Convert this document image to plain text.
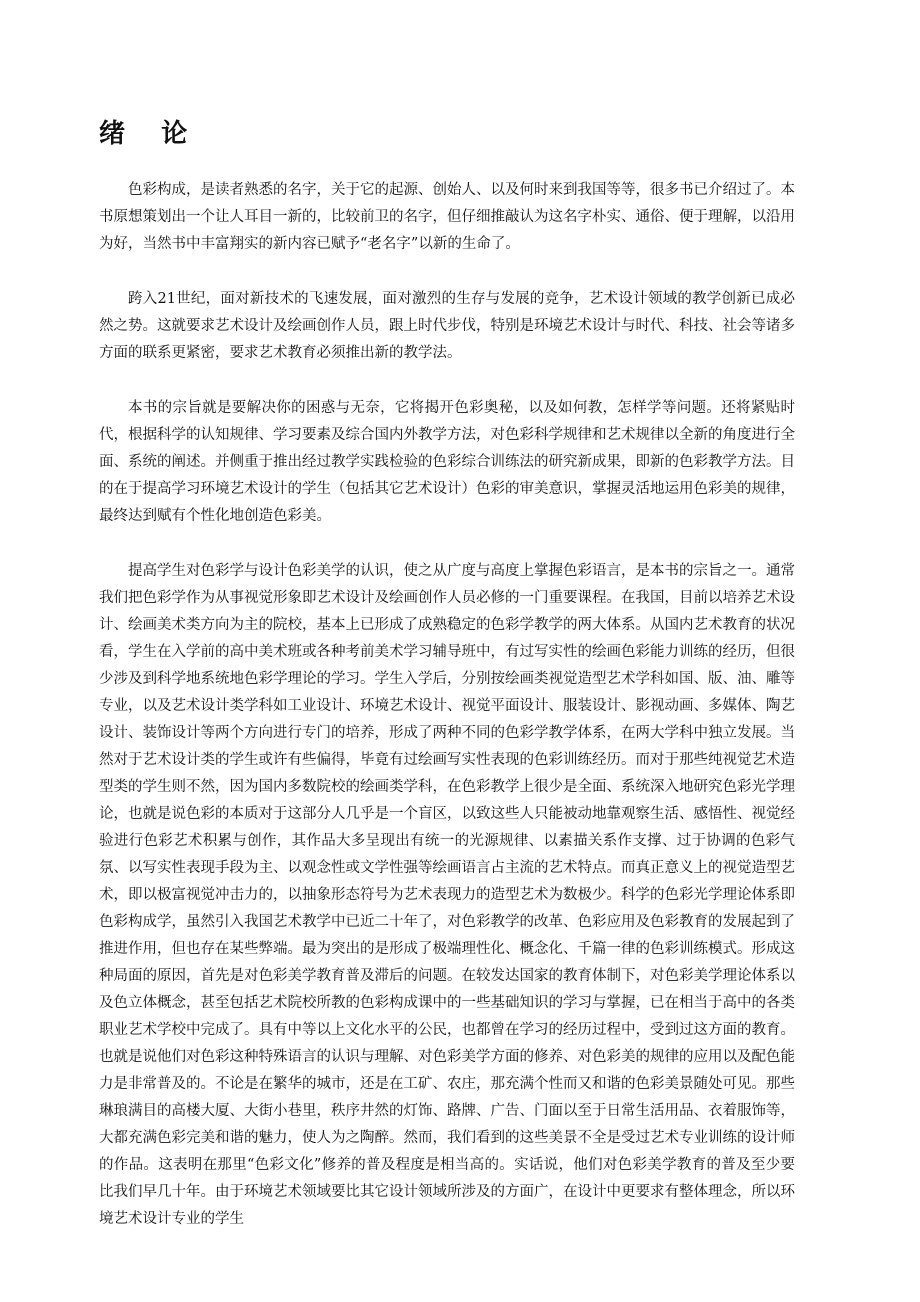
绪    论

色彩构成，是读者熟悉的名字，关于它的起源、创始人、以及何时来到我国等等，很多书已介绍过了。本书原想策划出一个让人耳目一新的，比较前卫的名字，但仔细推敲认为这名字朴实、通俗、便于理解，以沿用为好，当然书中丰富翔实的新内容已赋予“老名字”以新的生命了。

跨入21世纪，面对新技术的飞速发展，面对激烈的生存与发展的竞争，艺术设计领域的教学创新已成必然之势。这就要求艺术设计及绘画创作人员，跟上时代步伐，特别是环境艺术设计与时代、科技、社会等诸多方面的联系更紧密，要求艺术教育必须推出新的教学法。

本书的宗旨就是要解决你的困惑与无奈，它将揭开色彩奥秘，以及如何教，怎样学等问题。还将紧贴时代，根据科学的认知规律、学习要素及综合国内外教学方法，对色彩科学规律和艺术规律以全新的角度进行全面、系统的阐述。并侧重于推出经过教学实践检验的色彩综合训练法的研究新成果，即新的色彩教学方法。目的在于提高学习环境艺术设计的学生（包括其它艺术设计）色彩的审美意识，掌握灵活地运用色彩美的规律，最终达到赋有个性化地创造色彩美。

提高学生对色彩学与设计色彩美学的认识，使之从广度与高度上掌握色彩语言，是本书的宗旨之一。通常我们把色彩学作为从事视觉形象即艺术设计及绘画创作人员必修的一门重要课程。在我国，目前以培养艺术设计、绘画美术类方向为主的院校，基本上已形成了成熟稳定的色彩学教学的两大体系。从国内艺术教育的状况看，学生在入学前的高中美术班或各种考前美术学习辅导班中，有过写实性的绘画色彩能力训练的经历，但很少涉及到科学地系统地色彩学理论的学习。学生入学后，分别按绘画类视觉造型艺术学科如国、版、油、雕等专业，以及艺术设计类学科如工业设计、环境艺术设计、视觉平面设计、服装设计、影视动画、多媒体、陶艺设计、装饰设计等两个方向进行专门的培养，形成了两种不同的色彩学教学体系，在两大学科中独立发展。当然对于艺术设计类的学生或许有些偏得，毕竟有过绘画写实性表现的色彩训练经历。而对于那些纯视觉艺术造型类的学生则不然，因为国内多数院校的绘画类学科，在色彩教学上很少是全面、系统深入地研究色彩光学理论，也就是说色彩的本质对于这部分人几乎是一个盲区，以致这些人只能被动地靠观察生活、感悟性、视觉经验进行色彩艺术积累与创作，其作品大多呈现出有统一的光源规律、以素描关系作支撑、过于协调的色彩气氛、以写实性表现手段为主、以观念性或文学性强等绘画语言占主流的艺术特点。而真正意义上的视觉造型艺术，即以极富视觉冲击力的，以抽象形态符号为艺术表现力的造型艺术为数极少。科学的色彩光学理论体系即色彩构成学，虽然引入我国艺术教学中已近二十年了，对色彩教学的改革、色彩应用及色彩教育的发展起到了推进作用，但也存在某些弊端。最为突出的是形成了极端理性化、概念化、千篇一律的色彩训练模式。形成这种局面的原因，首先是对色彩美学教育普及滞后的问题。在较发达国家的教育体制下，对色彩美学理论体系以及色立体概念，甚至包括艺术院校所教的色彩构成课中的一些基础知识的学习与掌握，已在相当于高中的各类职业艺术学校中完成了。具有中等以上文化水平的公民，也都曾在学习的经历过程中，受到过这方面的教育。也就是说他们对色彩这种特殊语言的认识与理解、对色彩美学方面的修养、对色彩美的规律的应用以及配色能力是非常普及的。不论是在繁华的城市，还是在工矿、农庄，那充满个性而又和谐的色彩美景随处可见。那些琳琅满目的高楼大厦、大街小巷里，秩序井然的灯饰、路牌、广告、门面以至于日常生活用品、衣着服饰等，大都充满色彩完美和谐的魅力，使人为之陶醉。然而，我们看到的这些美景不全是受过艺术专业训练的设计师的作品。这表明在那里“色彩文化”修养的普及程度是相当高的。实话说，他们对色彩美学教育的普及至少要比我们早几十年。由于环境艺术领域要比其它设计领域所涉及的方面广，在设计中更要求有整体理念，所以环境艺术设计专业的学生
